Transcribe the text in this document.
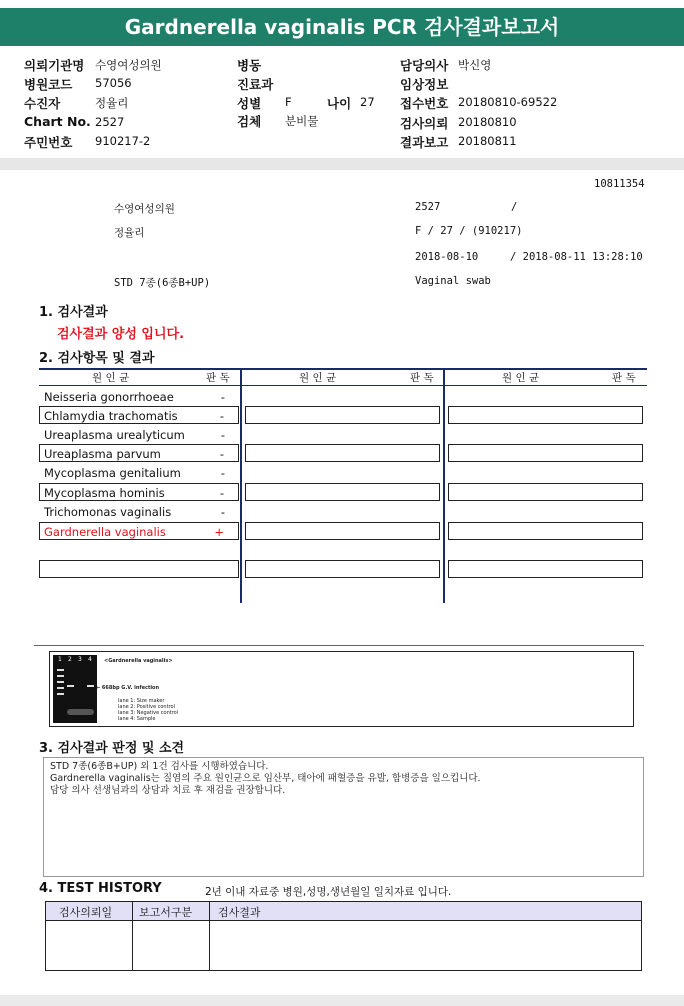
Gardnerella vaginalis PCR 검사결과보고서
의뢰기관명 수영여성의원	병동	담당의사 박신영
병원코드 57056	진료과	임상정보
수진자	정율리	성별 F	나이 27 접수번호 20180810-69522
Chart No. 2527	검체 분비물	검사의뢰 20180810
주민번호 910217-2	결과보고 20180811
10811354
수영여성의원	2527	/
정율리	F / 27 / (910217)
2018-08-10	/ 2018-08-11 13:28:10
STD 7종(6종B+UP)	Vaginal swab
1. 검사결과
검사결과 양성 입니다.
2. 검사항목 및 결과
원 인 균	판 독	원 인 균	판 독	원 인 균	판 독
Neisseria gonorrhoeae	-
Chlamydia trachomatis	-
Ureaplasma urealyticum	-
Ureaplasma parvum	-
Mycoplasma genitalium	-
Mycoplasma hominis	-
Trichomonas vaginalis	-
Gardnerella vaginalis	+
1 2 3 4 <Gardnerella vaginalis>
← 668bp G.V. infection
lane 1: Size maker
lane 2: Positive control
lane 3: Negative control
lane 4: Sample
3. 검사결과 판정 및 소견
STD 7종(6종B+UP) 외 1건 검사를 시행하였습니다.
Gardnerella vaginalis는 질염의 주요 원인균으로 임산부, 태아에 패혈증을 유발, 합병증을 일으킵니다.
담당 의사 선생님과의 상담과 치료 후 재검을 권장합니다.
4. TEST HISTORY	2년 이내 자료중 병원,성명,생년월일 일치자료 입니다.
검사의뢰일 보고서구분 검사결과
